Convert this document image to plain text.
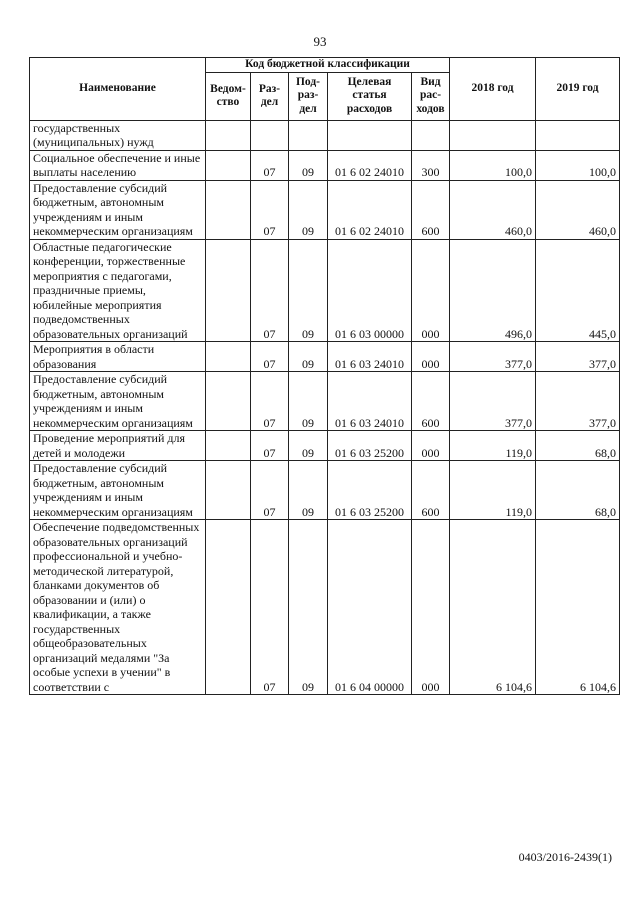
93
Наименование	Код бюджетной классификации					2018 год	2019 год
	Ведом-ство	Раз-дел	Под-раз-дел	Целевая статья расходов	Вид рас-ходов		
государственных (муниципальных) нужд							
Социальное обеспечение и иные выплаты населению		07	09	01 6 02 24010	300	100,0	100,0
Предоставление субсидий бюджетным, автономным учреждениям и иным некоммерческим организациям		07	09	01 6 02 24010	600	460,0	460,0
Областные педагогические конференции, торжественные мероприятия с педагогами, праздничные приемы, юбилейные мероприятия подведомственных образовательных организаций		07	09	01 6 03 00000	000	496,0	445,0
Мероприятия в области образования		07	09	01 6 03 24010	000	377,0	377,0
Предоставление субсидий бюджетным, автономным учреждениям и иным некоммерческим организациям		07	09	01 6 03 24010	600	377,0	377,0
Проведение мероприятий для детей и молодежи		07	09	01 6 03 25200	000	119,0	68,0
Предоставление субсидий бюджетным, автономным учреждениям и иным некоммерческим организациям		07	09	01 6 03 25200	600	119,0	68,0
Обеспечение подведомственных образовательных организаций профессиональной и учебно-методической литературой, бланками документов об образовании и (или) о квалификации, а также государственных общеобразовательных организаций медалями "За особые успехи в учении" в соответствии с		07	09	01 6 04 00000	000	6 104,6	6 104,6
0403/2016-2439(1)
